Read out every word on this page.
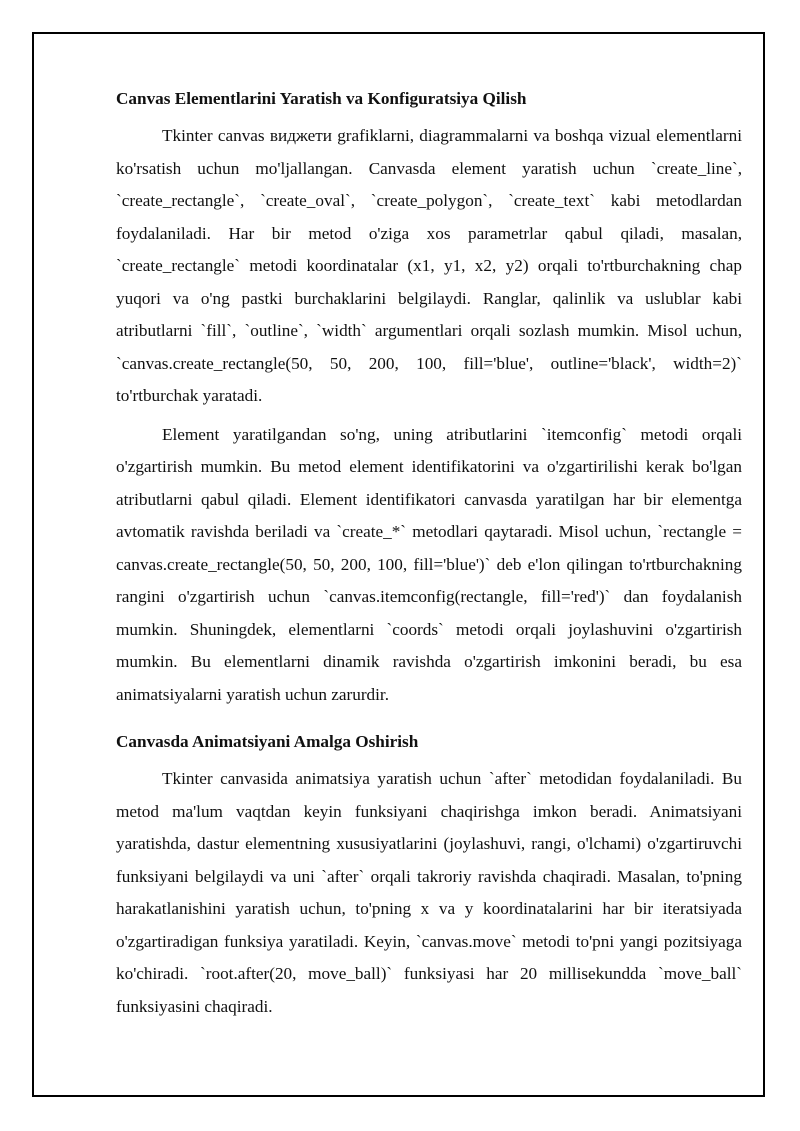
Canvas Elementlarini Yaratish va Konfiguratsiya Qilish

Tkinter canvas виджети grafiklarni, diagrammalarni va boshqa vizual elementlarni ko'rsatish uchun mo'ljallangan. Canvasda element yaratish uchun `create_line`, `create_rectangle`, `create_oval`, `create_polygon`, `create_text` kabi metodlardan foydalaniladi. Har bir metod o'ziga xos parametrlar qabul qiladi, masalan, `create_rectangle` metodi koordinatalar (x1, y1, x2, y2) orqali to'rtburchakning chap yuqori va o'ng pastki burchaklarini belgilaydi. Ranglar, qalinlik va uslublar kabi atributlarni `fill`, `outline`, `width` argumentlari orqali sozlash mumkin. Misol uchun, `canvas.create_rectangle(50, 50, 200, 100, fill='blue', outline='black', width=2)` to'rtburchak yaratadi.

Element yaratilgandan so'ng, uning atributlarini `itemconfig` metodi orqali o'zgartirish mumkin. Bu metod element identifikatorini va o'zgartirilishi kerak bo'lgan atributlarni qabul qiladi. Element identifikatori canvasda yaratilgan har bir elementga avtomatik ravishda beriladi va `create_*` metodlari qaytaradi. Misol uchun, `rectangle = canvas.create_rectangle(50, 50, 200, 100, fill='blue')` deb e'lon qilingan to'rtburchakning rangini o'zgartirish uchun `canvas.itemconfig(rectangle, fill='red')` dan foydalanish mumkin. Shuningdek, elementlarni `coords` metodi orqali joylashuvini o'zgartirish mumkin. Bu elementlarni dinamik ravishda o'zgartirish imkonini beradi, bu esa animatsiyalarni yaratish uchun zarurdir.

Canvasda Animatsiyani Amalga Oshirish

Tkinter canvasida animatsiya yaratish uchun `after` metodidan foydalaniladi. Bu metod ma'lum vaqtdan keyin funksiyani chaqirishga imkon beradi. Animatsiyani yaratishda, dastur elementning xususiyatlarini (joylashuvi, rangi, o'lchami) o'zgartiruvchi funksiyani belgilaydi va uni `after` orqali takroriy ravishda chaqiradi. Masalan, to'pning harakatlanishini yaratish uchun, to'pning x va y koordinatalarini har bir iteratsiyada o'zgartiradigan funksiya yaratiladi. Keyin, `canvas.move` metodi to'pni yangi pozitsiyaga ko'chiradi. `root.after(20, move_ball)` funksiyasi har 20 millisekundda `move_ball` funksiyasini chaqiradi.
